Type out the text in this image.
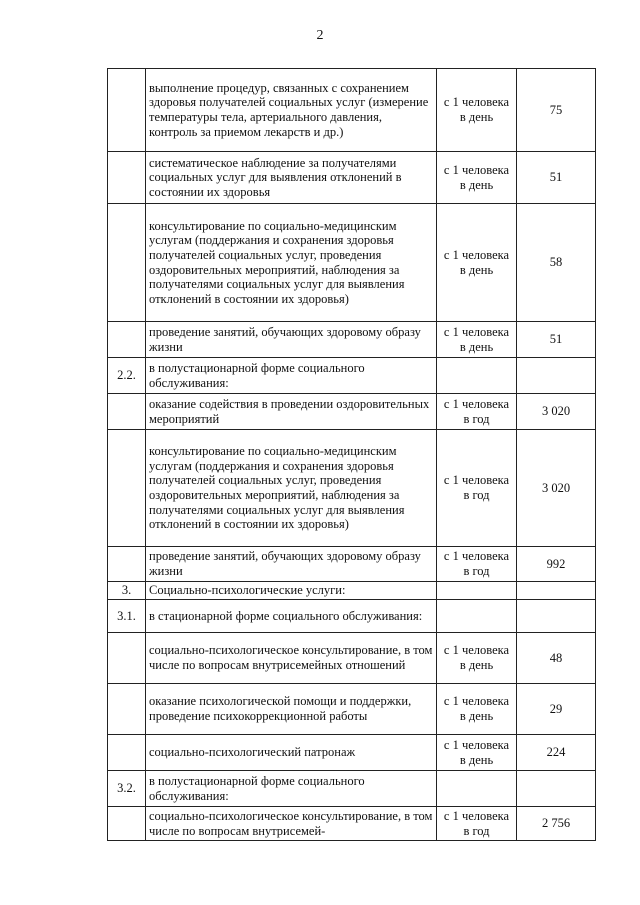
2
	выполнение процедур, связанных с сохранением здоровья получателей социальных услуг (измерение температуры тела, артериального давления, контроль за приемом лекарств и др.)	с 1 человека в день	75
	систематическое наблюдение за получателями социальных услуг для выявления отклонений в состоянии их здоровья	с 1 человека в день	51
	консультирование по социально-медицинским услугам (поддержания и сохранения здоровья получателей социальных услуг, проведения оздоровительных мероприятий, наблюдения за получателями социальных услуг для выявления отклонений в состоянии их здоровья)	с 1 человека в день	58
	проведение занятий, обучающих здоровому образу жизни	с 1 человека в день	51
2.2.	в полустационарной форме социального обслуживания:		
	оказание содействия в проведении оздоровительных мероприятий	с 1 человека в год	3 020
	консультирование по социально-медицинским услугам (поддержания и сохранения здоровья получателей социальных услуг, проведения оздоровительных мероприятий, наблюдения за получателями социальных услуг для выявления отклонений в состоянии их здоровья)	с 1 человека в год	3 020
	проведение занятий, обучающих здоровому образу жизни	с 1 человека в год	992
3.	Социально-психологические услуги:		
3.1.	в стационарной форме социального обслуживания:		
	социально-психологическое консультирование, в том числе по вопросам внутрисемейных отношений	с 1 человека в день	48
	оказание психологической помощи и поддержки, проведение психокоррекционной работы	с 1 человека в день	29
	социально-психологический патронаж	с 1 человека в день	224
3.2.	в полустационарной форме социального обслуживания:		
	социально-психологическое консультирование, в том числе по вопросам внутрисемей-	с 1 человека в год	2 756
